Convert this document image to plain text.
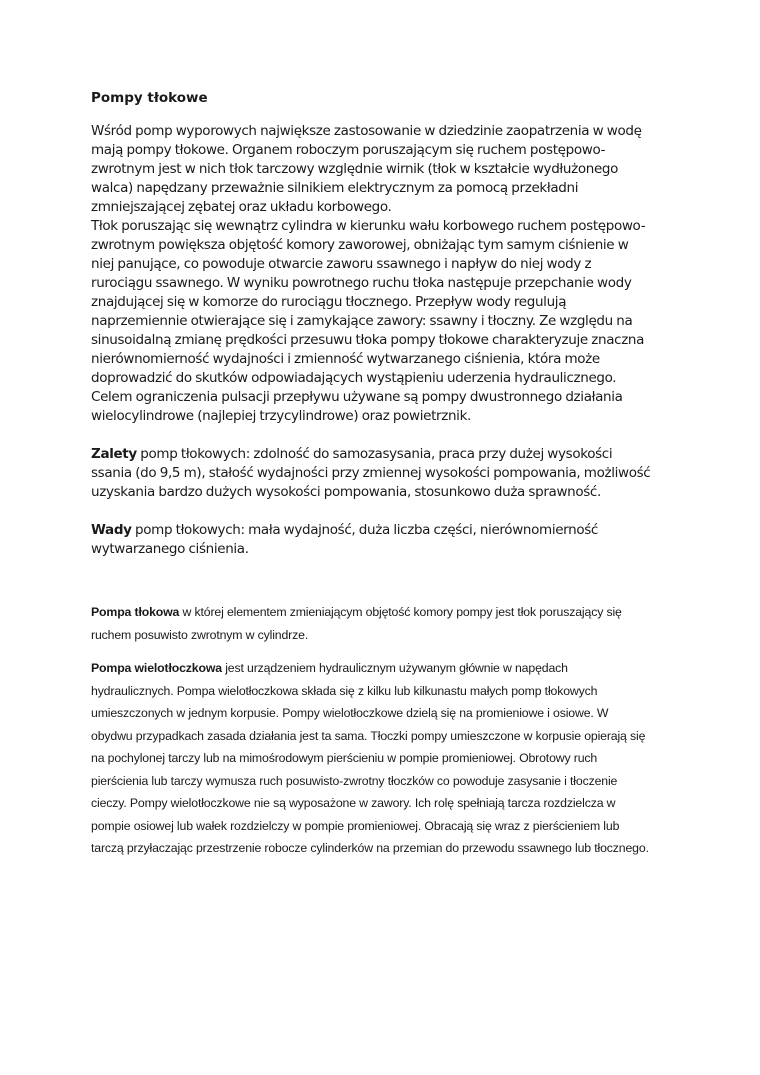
Pompy tłokowe

Wśród pomp wyporowych największe zastosowanie w dziedzinie zaopatrzenia w wodę mają pompy tłokowe. Organem roboczym poruszającym się ruchem postępowo-zwrotnym jest w nich tłok tarczowy względnie wirnik (tłok w kształcie wydłużonego walca) napędzany przeważnie silnikiem elektrycznym za pomocą przekładni zmniejszającej zębatej oraz układu korbowego.

Tłok poruszając się wewnątrz cylindra w kierunku wału korbowego ruchem postępowo-zwrotnym powiększa objętość komory zaworowej, obniżając tym samym ciśnienie w niej panujące, co powoduje otwarcie zaworu ssawnego i napływ do niej wody z rurociągu ssawnego. W wyniku powrotnego ruchu tłoka następuje przepchanie wody znajdującej się w komorze do rurociągu tłocznego. Przepływ wody regulują naprzemiennie otwierające się i zamykające zawory: ssawny i tłoczny. Ze względu na sinusoidalną zmianę prędkości przesuwu tłoka pompy tłokowe charakteryzuje znaczna nierównomierność wydajności i zmienność wytwarzanego ciśnienia, która może doprowadzić do skutków odpowiadających wystąpieniu uderzenia hydraulicznego. Celem ograniczenia pulsacji przepływu używane są pompy dwustronnego działania wielocylindrowe (najlepiej trzycylindrowe) oraz powietrznik.

Zalety pomp tłokowych: zdolność do samozasysania, praca przy dużej wysokości ssania (do 9,5 m), stałość wydajności przy zmiennej wysokości pompowania, możliwość uzyskania bardzo dużych wysokości pompowania, stosunkowo duża sprawność.

Wady pomp tłokowych: mała wydajność, duża liczba części, nierównomierność wytwarzanego ciśnienia.

Pompa tłokowa w której elementem zmieniającym objętość komory pompy jest tłok poruszający się ruchem posuwisto zwrotnym w cylindrze.

Pompa wielotłoczkowa jest urządzeniem hydraulicznym używanym głównie w napędach hydraulicznych. Pompa wielotłoczkowa składa się z kilku lub kilkunastu małych pomp tłokowych umieszczonych w jednym korpusie. Pompy wielotłoczkowe dzielą się na promieniowe i osiowe. W obydwu przypadkach zasada działania jest ta sama. Tłoczki pompy umieszczone w korpusie opierają się na pochylonej tarczy lub na mimośrodowym pierścieniu w pompie promieniowej. Obrotowy ruch pierścienia lub tarczy wymusza ruch posuwisto-zwrotny tłoczków co powoduje zasysanie i tłoczenie cieczy. Pompy wielotłoczkowe nie są wyposażone w zawory. Ich rolę spełniają tarcza rozdzielcza w pompie osiowej lub wałek rozdzielczy w pompie promieniowej. Obracają się wraz z pierścieniem lub tarczą przyłaczając przestrzenie robocze cylinderków na przemian do przewodu ssawnego lub tłocznego.
